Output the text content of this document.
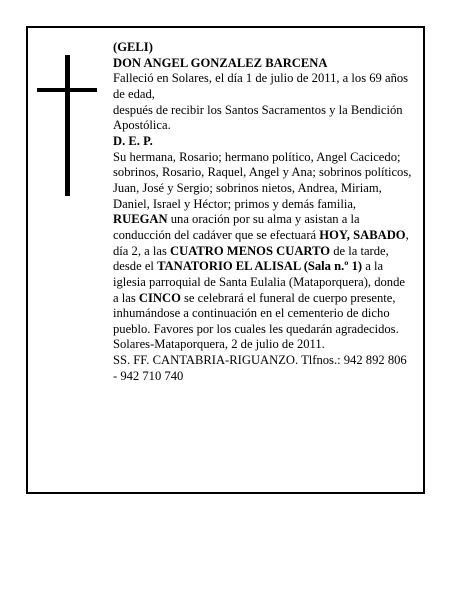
(GELI)

DON ANGEL GONZALEZ BARCENA

Falleció en Solares, el día 1 de julio de 2011, a los 69 años de edad,

después de recibir los Santos Sacramentos y la Bendición Apostólica.

D. E. P.

Su hermana, Rosario; hermano político, Angel Cacicedo; sobrinos, Rosario, Raquel, Angel y Ana; sobrinos políticos, Juan, José y Sergio; sobrinos nietos, Andrea, Miriam, Daniel, Israel y Héctor; primos y demás familia,

RUEGAN una oración por su alma y asistan a la conducción del cadáver que se efectuará HOY, SABADO, día 2, a las CUATRO MENOS CUARTO de la tarde, desde el TANATORIO EL ALISAL (Sala n.º 1) a la iglesia parroquial de Santa Eulalia (Mataporquera), donde a las CINCO se celebrará el funeral de cuerpo presente, inhumándose a continuación en el cementerio de dicho pueblo. Favores por los cuales les quedarán agradecidos.

Solares-Mataporquera, 2 de julio de 2011.

SS. FF. CANTABRIA-RIGUANZO. Tlfnos.: 942 892 806 - 942 710 740
